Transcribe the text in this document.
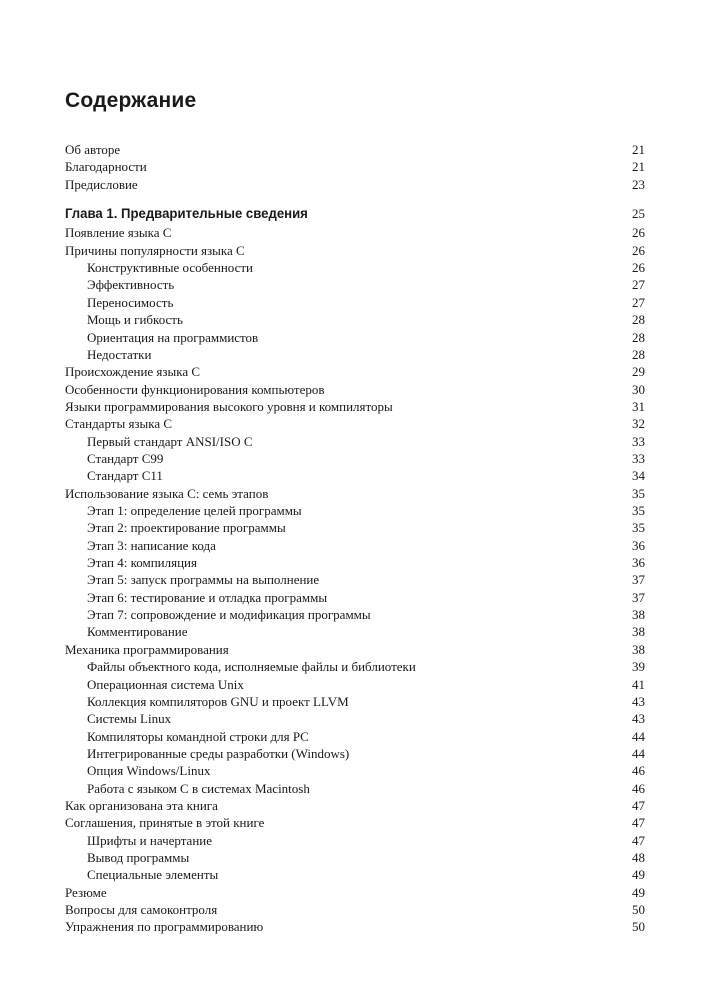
Содержание
Об авторе	21
Благодарности	21
Предисловие	23
Глава 1. Предварительные сведения	25
Появление языка C	26
Причины популярности языка C	26
Конструктивные особенности	26
Эффективность	27
Переносимость	27
Мощь и гибкость	28
Ориентация на программистов	28
Недостатки	28
Происхождение языка C	29
Особенности функционирования компьютеров	30
Языки программирования высокого уровня и компиляторы	31
Стандарты языка C	32
Первый стандарт ANSI/ISO C	33
Стандарт C99	33
Стандарт C11	34
Использование языка C: семь этапов	35
Этап 1: определение целей программы	35
Этап 2: проектирование программы	35
Этап 3: написание кода	36
Этап 4: компиляция	36
Этап 5: запуск программы на выполнение	37
Этап 6: тестирование и отладка программы	37
Этап 7: сопровождение и модификация программы	38
Комментирование	38
Механика программирования	38
Файлы объектного кода, исполняемые файлы и библиотеки	39
Операционная система Unix	41
Коллекция компиляторов GNU и проект LLVM	43
Системы Linux	43
Компиляторы командной строки для PC	44
Интегрированные среды разработки (Windows)	44
Опция Windows/Linux	46
Работа с языком C в системах Macintosh	46
Как организована эта книга	47
Соглашения, принятые в этой книге	47
Шрифты и начертание	47
Вывод программы	48
Специальные элементы	49
Резюме	49
Вопросы для самоконтроля	50
Упражнения по программированию	50
